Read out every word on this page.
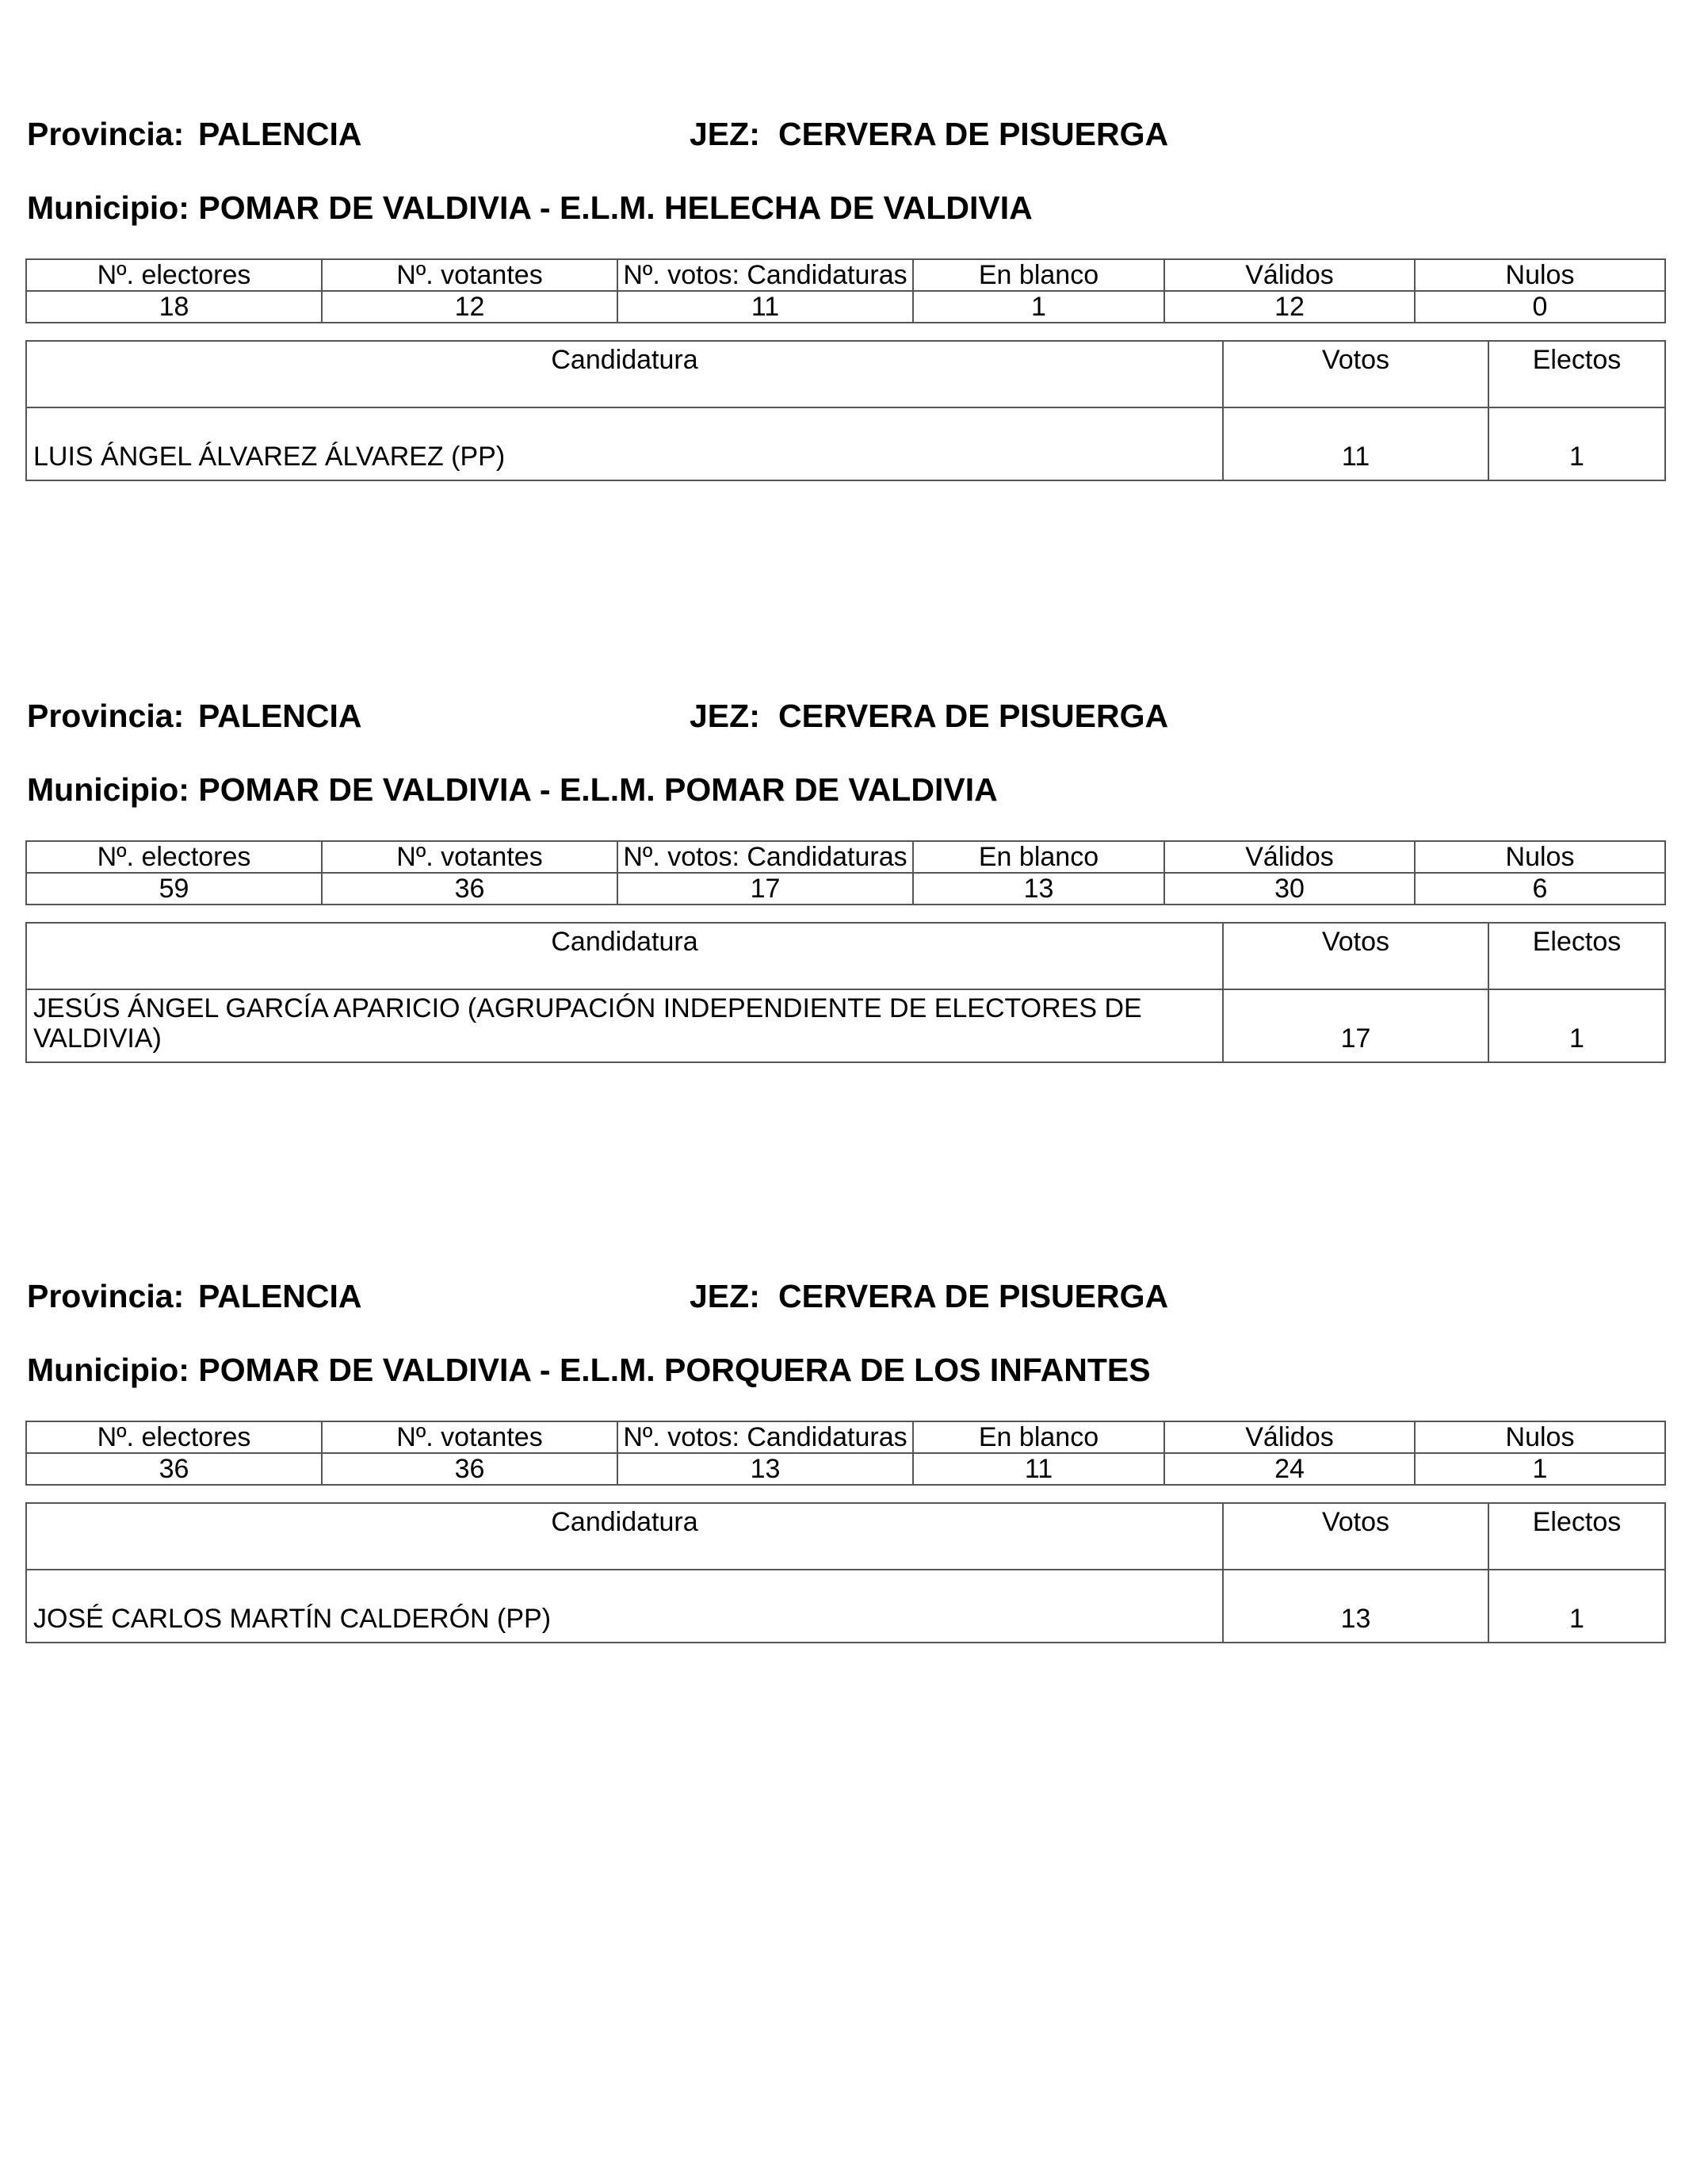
Provincia: PALENCIA	JEZ: CERVERA DE PISUERGA
Municipio: POMAR DE VALDIVIA - E.L.M. HELECHA DE VALDIVIA
Nº. electores	Nº. votantes	Nº. votos: Candidaturas	En blanco	Válidos	Nulos
18	12	11	1	12	0
Candidatura	Votos	Electos
LUIS ÁNGEL ÁLVAREZ ÁLVAREZ (PP)	11	1
Provincia: PALENCIA	JEZ: CERVERA DE PISUERGA
Municipio: POMAR DE VALDIVIA - E.L.M. POMAR DE VALDIVIA
Nº. electores	Nº. votantes	Nº. votos: Candidaturas	En blanco	Válidos	Nulos
59	36	17	13	30	6
Candidatura	Votos	Electos
JESÚS ÁNGEL GARCÍA APARICIO (AGRUPACIÓN INDEPENDIENTE DE ELECTORES DE VALDIVIA)	17	1
Provincia: PALENCIA	JEZ: CERVERA DE PISUERGA
Municipio: POMAR DE VALDIVIA - E.L.M. PORQUERA DE LOS INFANTES
Nº. electores	Nº. votantes	Nº. votos: Candidaturas	En blanco	Válidos	Nulos
36	36	13	11	24	1
Candidatura	Votos	Electos
JOSÉ CARLOS MARTÍN CALDERÓN (PP)	13	1
